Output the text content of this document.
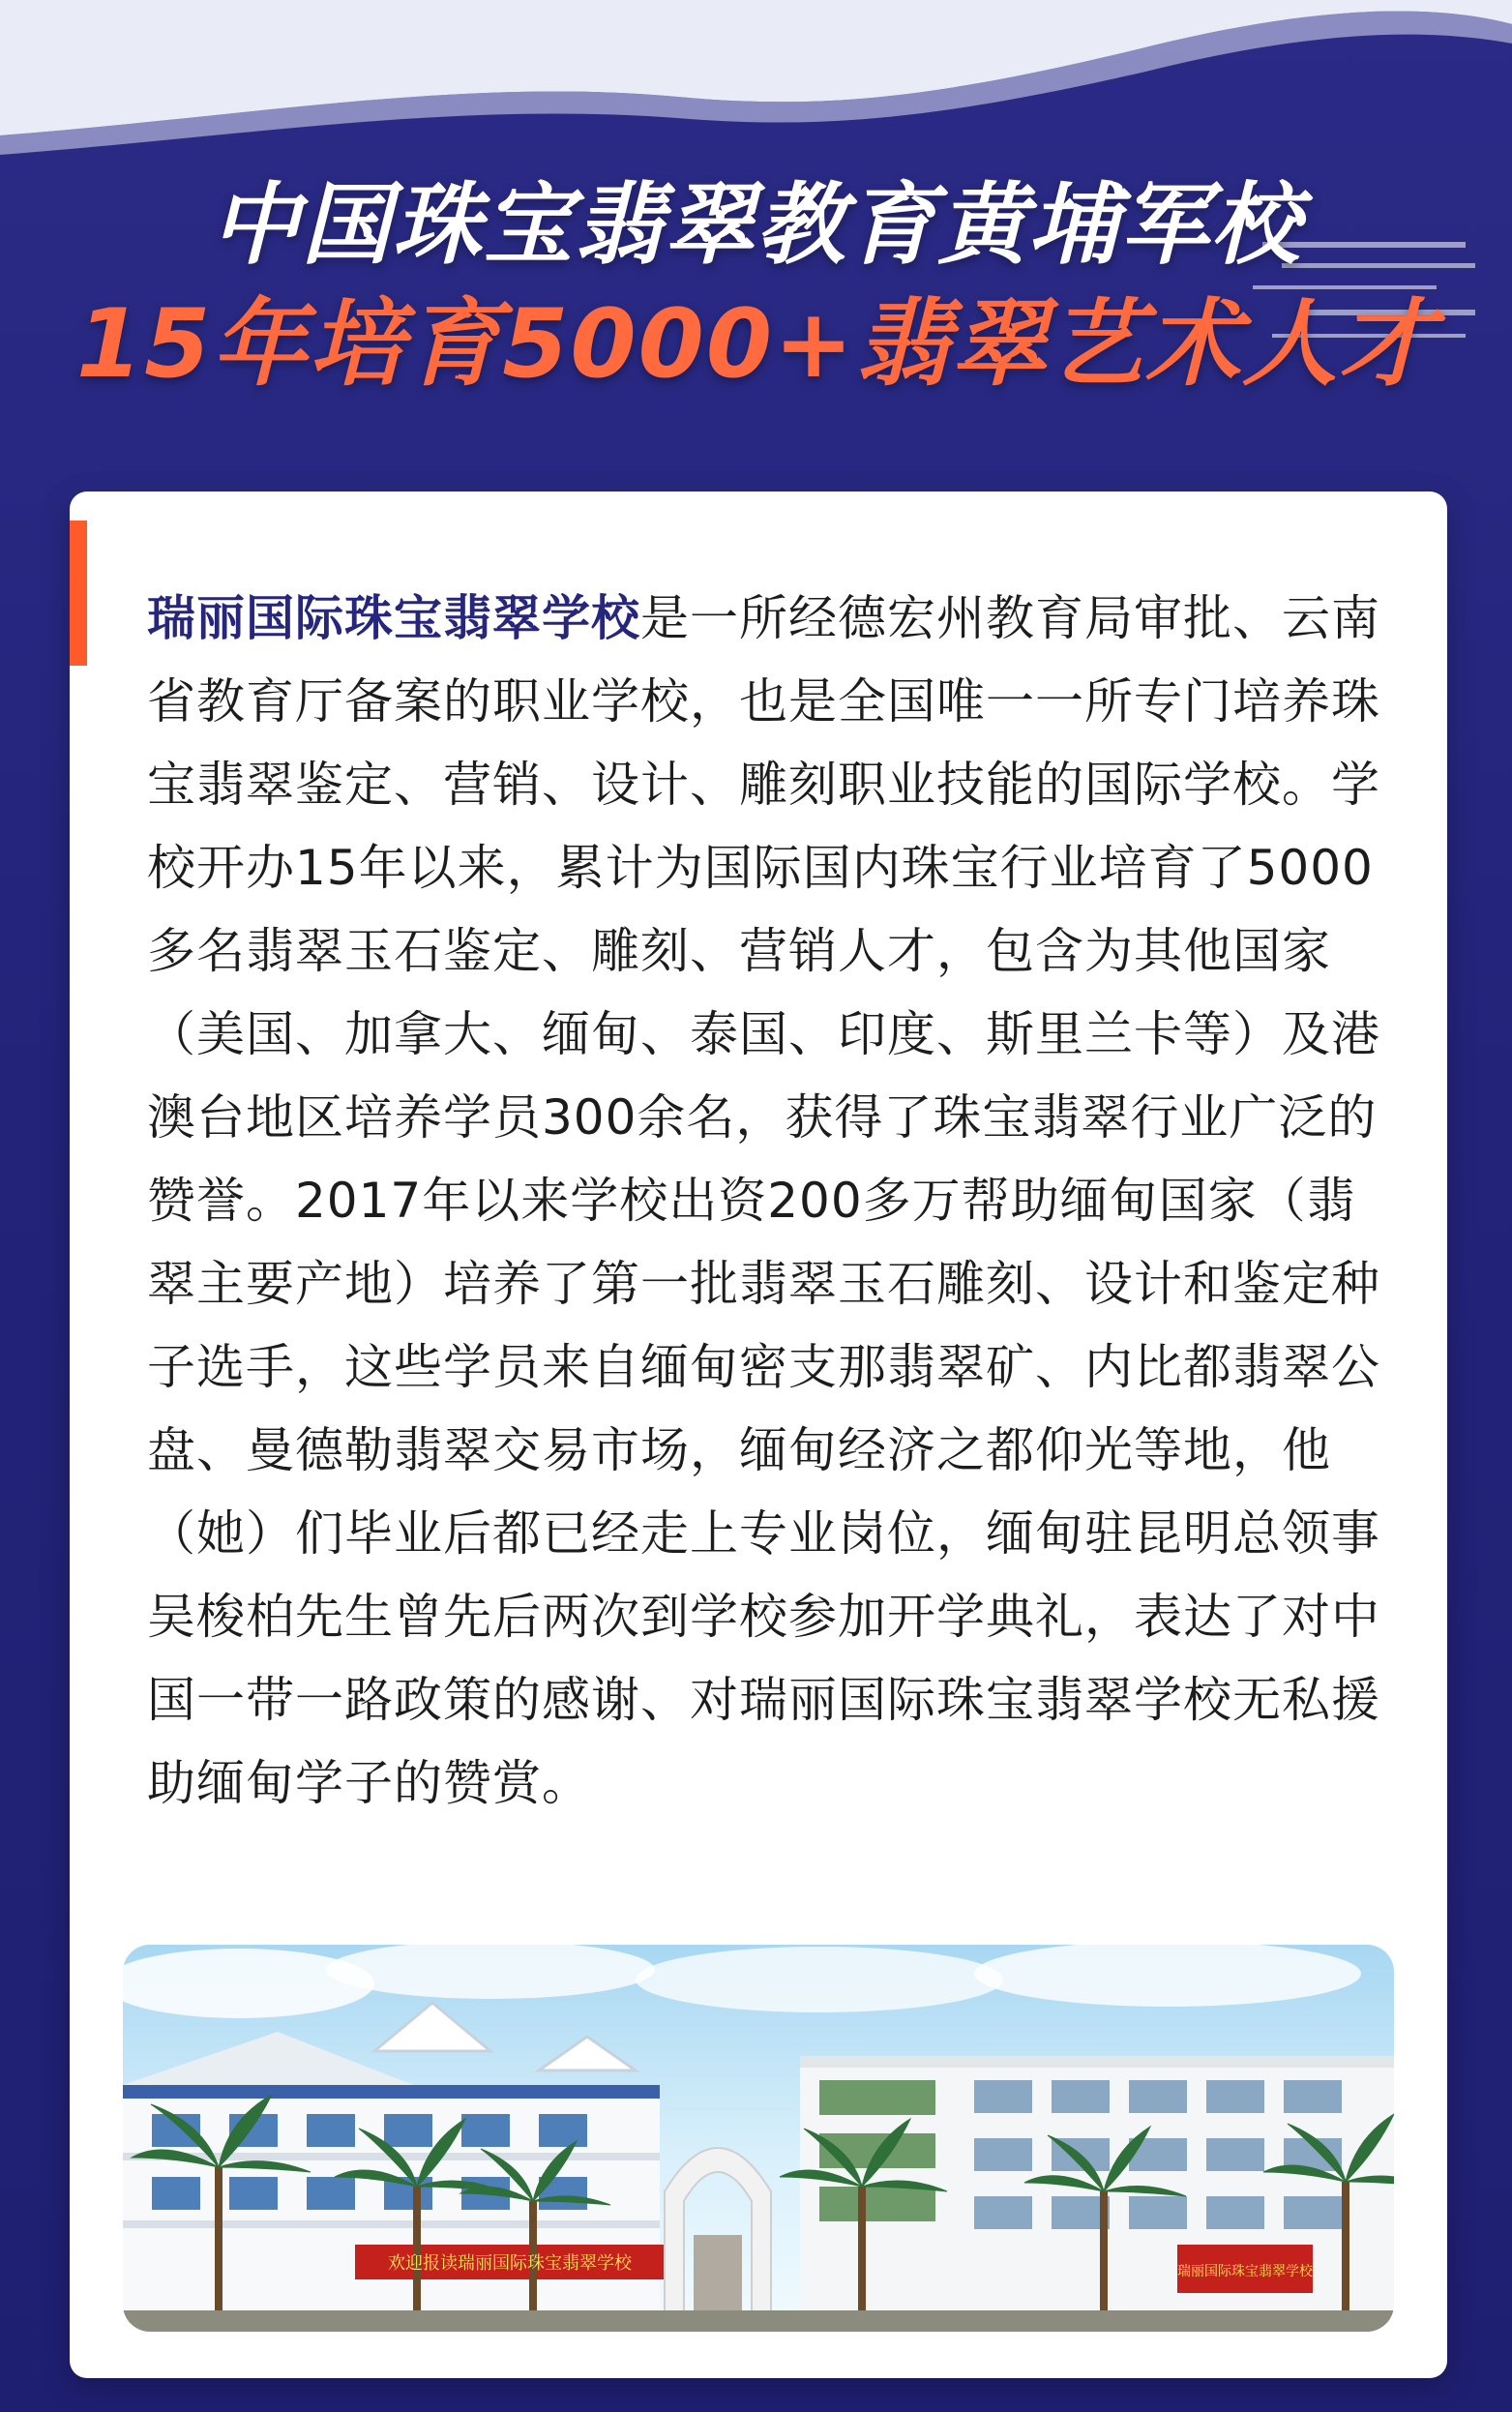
中国珠宝翡翠教育黄埔军校
15年培育5000+翡翠艺术人才
瑞丽国际珠宝翡翠学校是一所经德宏州教育局审批、云南省教育厅备案的职业学校，也是全国唯一一所专门培养珠宝翡翠鉴定、营销、设计、雕刻职业技能的国际学校。学校开办15年以来，累计为国际国内珠宝行业培育了5000多名翡翠玉石鉴定、雕刻、营销人才，包含为其他国家（美国、加拿大、缅甸、泰国、印度、斯里兰卡等）及港澳台地区培养学员300余名，获得了珠宝翡翠行业广泛的赞誉。2017年以来学校出资200多万帮助缅甸国家（翡翠主要产地）培养了第一批翡翠玉石雕刻、设计和鉴定种子选手，这些学员来自缅甸密支那翡翠矿、内比都翡翠公盘、曼德勒翡翠交易市场，缅甸经济之都仰光等地，他（她）们毕业后都已经走上专业岗位，缅甸驻昆明总领事吴梭柏先生曾先后两次到学校参加开学典礼，表达了对中国一带一路政策的感谢、对瑞丽国际珠宝翡翠学校无私援助缅甸学子的赞赏。
欢迎报读瑞丽国际珠宝翡翠学校	瑞丽国际珠宝翡翠学校
